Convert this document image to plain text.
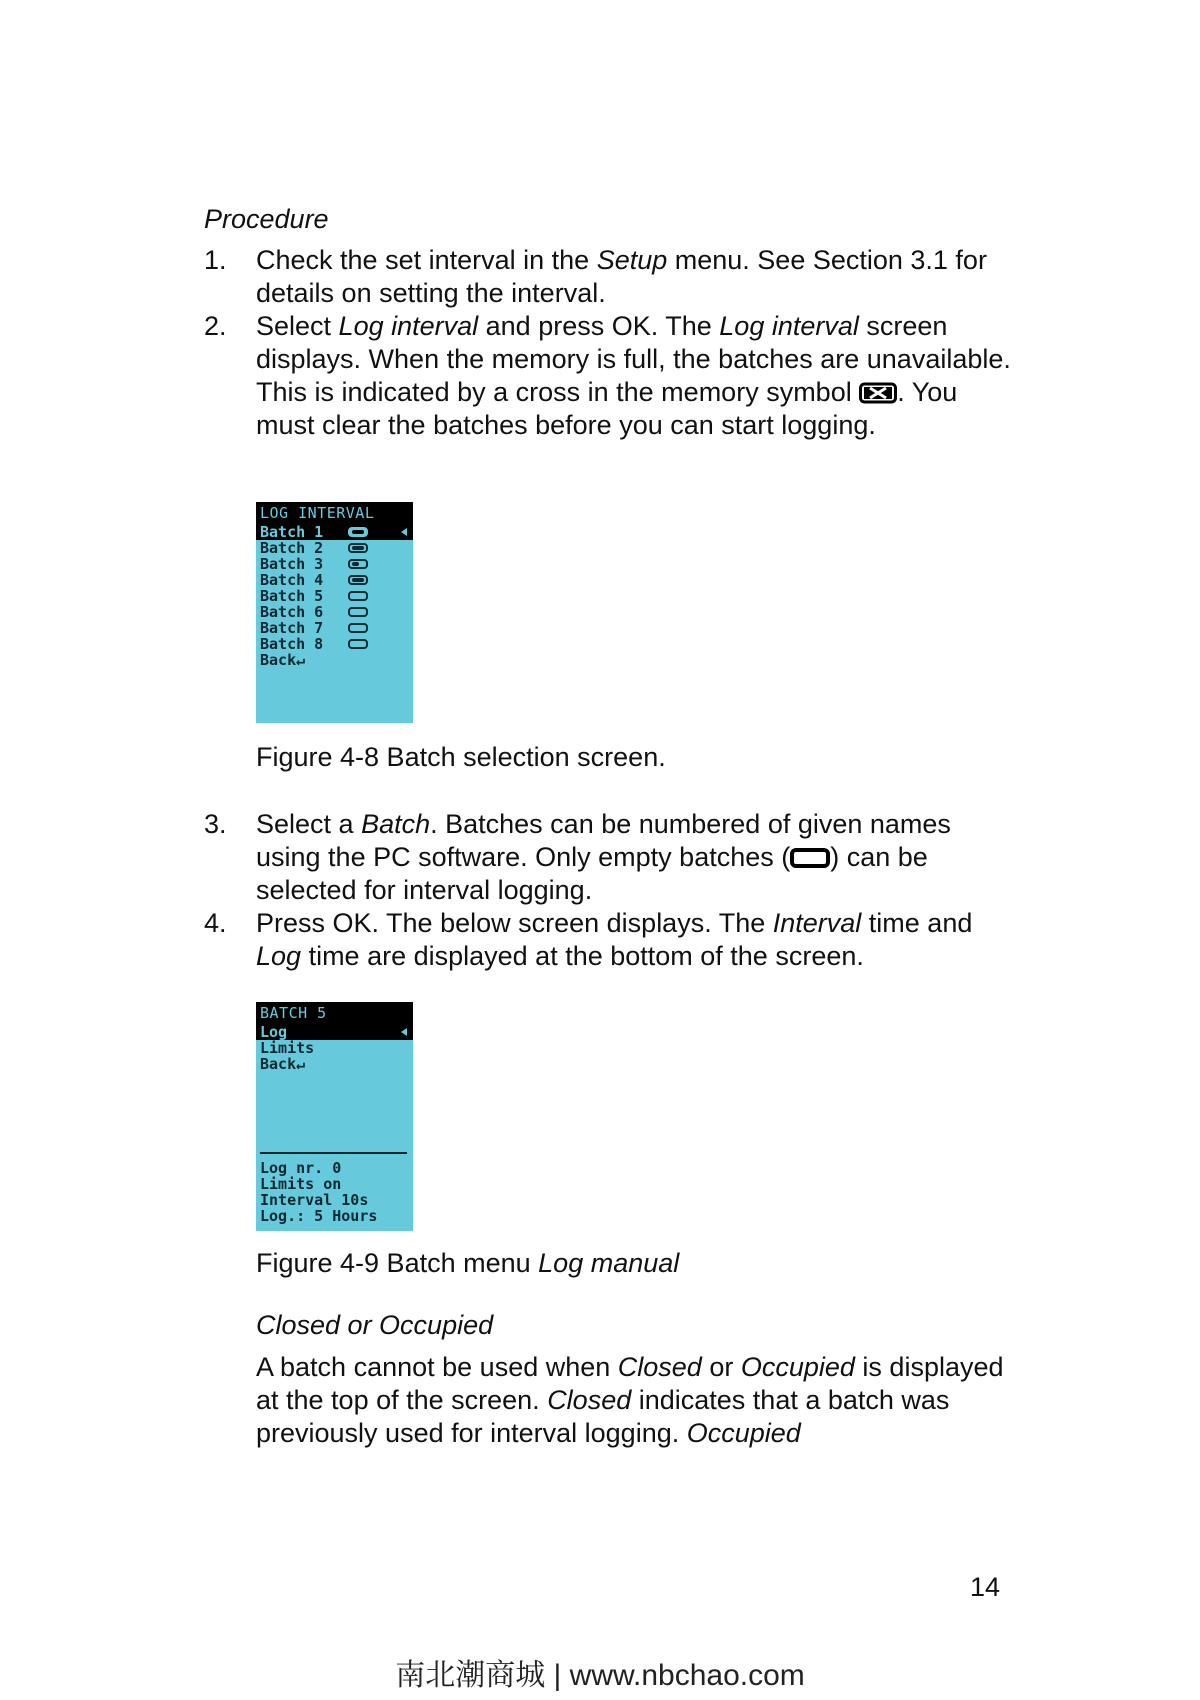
Procedure
1. Check the set interval in the Setup menu. See Section 3.1 for details on setting the interval.
2. Select Log interval and press OK. The Log interval screen displays. When the memory is full, the batches are unavailable. This is indicated by a cross in the memory symbol . You must clear the batches before you can start logging.
LOG INTERVAL
Batch 1
Batch 2
Batch 3
Batch 4
Batch 5
Batch 6
Batch 7
Batch 8
Back↵
Figure 4-8 Batch selection screen.
3. Select a Batch. Batches can be numbered of given names using the PC software. Only empty batches ( ) can be selected for interval logging.
4. Press OK. The below screen displays. The Interval time and Log time are displayed at the bottom of the screen.
BATCH 5
Log
Limits
Back↵
Log nr. 0
Limits on
Interval 10s
Log.: 5 Hours
Figure 4-9 Batch menu Log manual
Closed or Occupied
A batch cannot be used when Closed or Occupied is displayed at the top of the screen. Closed indicates that a batch was previously used for interval logging. Occupied
14
南北潮商城 | www.nbchao.com
